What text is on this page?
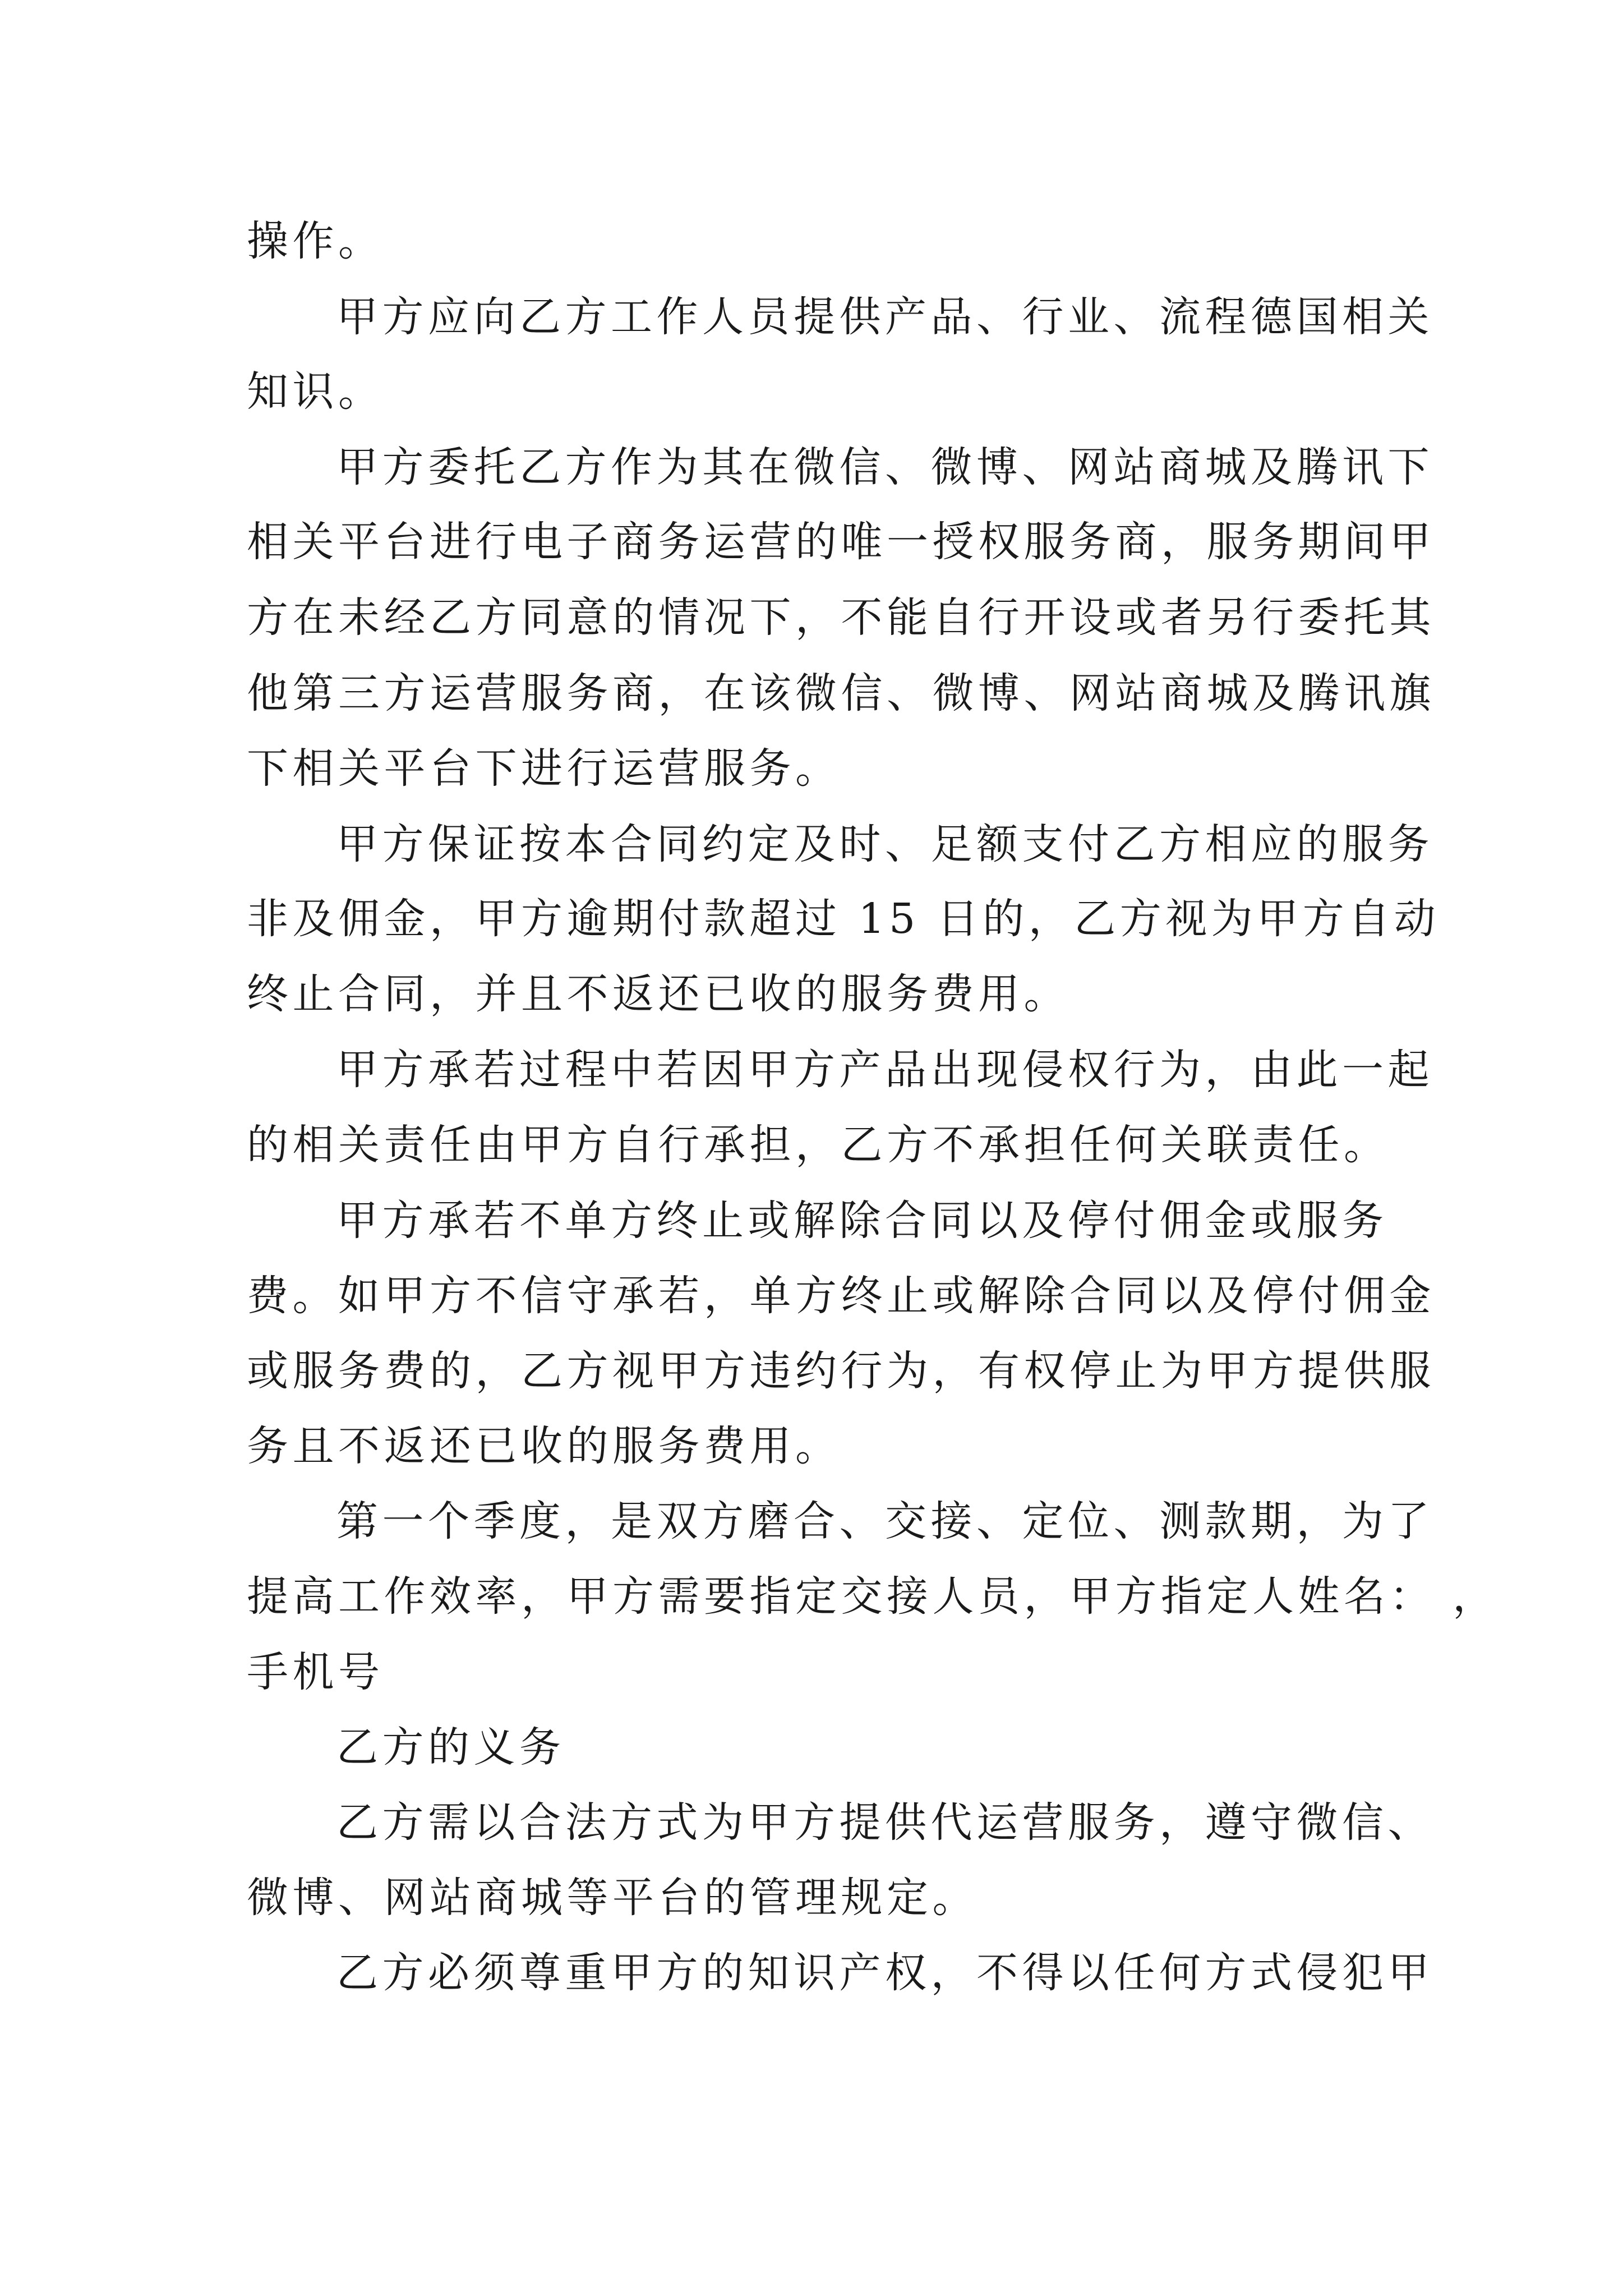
操作。

甲方应向乙方工作人员提供产品、行业、流程德国相关

知识。

甲方委托乙方作为其在微信、微博、网站商城及腾讯下

相关平台进行电子商务运营的唯一授权服务商，服务期间甲

方在未经乙方同意的情况下，不能自行开设或者另行委托其

他第三方运营服务商，在该微信、微博、网站商城及腾讯旗

下相关平台下进行运营服务。

甲方保证按本合同约定及时、足额支付乙方相应的服务

非及佣金，甲方逾期付款超过 15 日的，乙方视为甲方自动

终止合同，并且不返还已收的服务费用。

甲方承若过程中若因甲方产品出现侵权行为，由此一起

的相关责任由甲方自行承担，乙方不承担任何关联责任。

甲方承若不单方终止或解除合同以及停付佣金或服务

费。如甲方不信守承若，单方终止或解除合同以及停付佣金

或服务费的，乙方视甲方违约行为，有权停止为甲方提供服

务且不返还已收的服务费用。

第一个季度，是双方磨合、交接、定位、测款期，为了

提高工作效率，甲方需要指定交接人员，甲方指定人姓名： ，

手机号

乙方的义务

乙方需以合法方式为甲方提供代运营服务，遵守微信、

微博、网站商城等平台的管理规定。

乙方必须尊重甲方的知识产权，不得以任何方式侵犯甲
